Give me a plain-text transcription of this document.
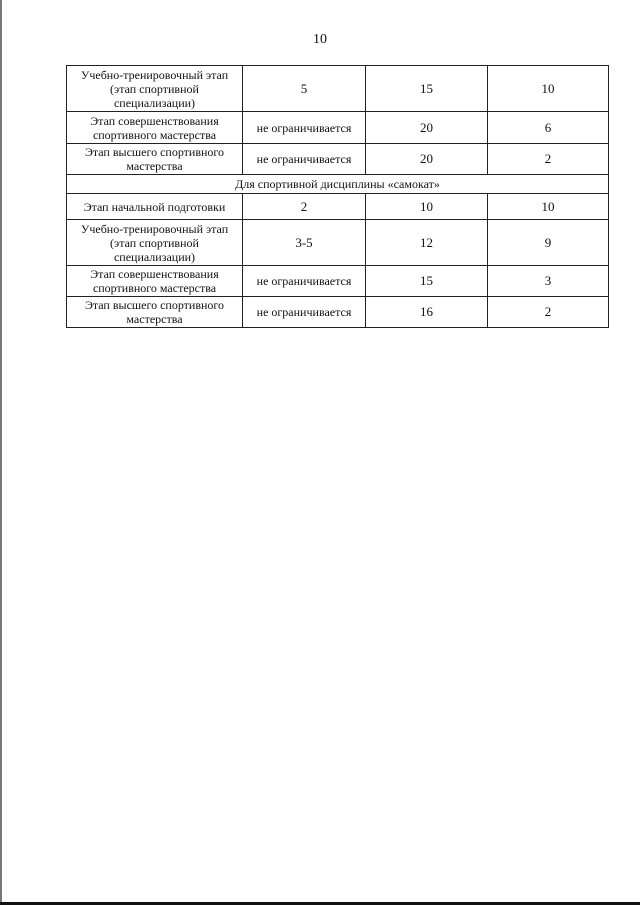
10
Учебно-тренировочный этап (этап спортивной специализации)	5	15	10
Этап совершенствования спортивного мастерства	не ограничивается	20	6
Этап высшего спортивного мастерства	не ограничивается	20	2
Для спортивной дисциплины «самокат»			
Этап начальной подготовки	2	10	10
Учебно-тренировочный этап (этап спортивной специализации)	3-5	12	9
Этап совершенствования спортивного мастерства	не ограничивается	15	3
Этап высшего спортивного мастерства	не ограничивается	16	2
